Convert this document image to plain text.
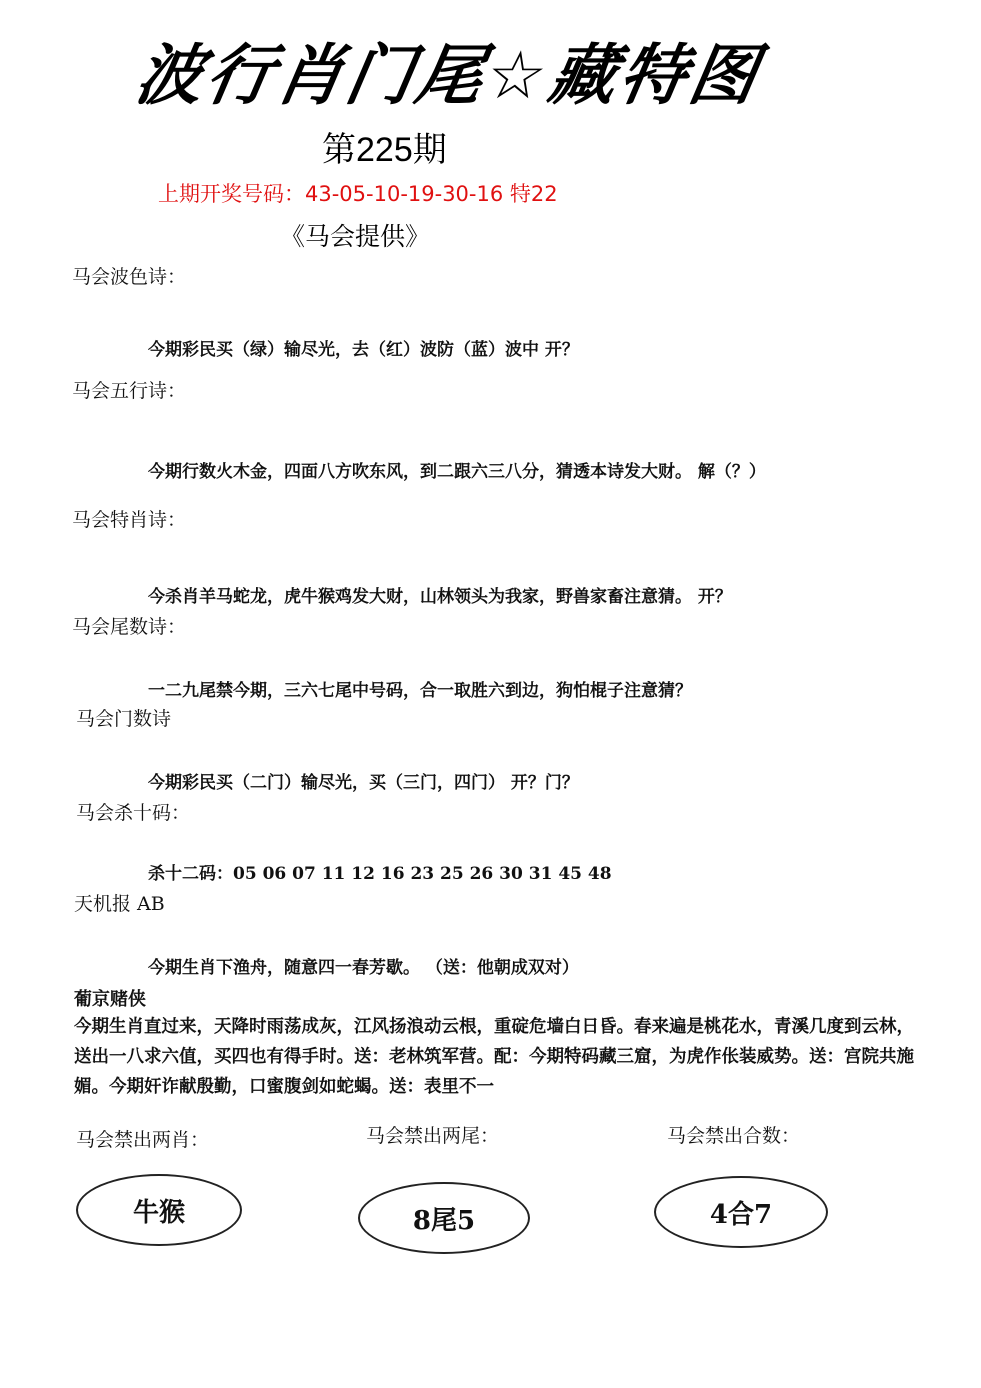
波行肖门尾☆藏特图
第225期
上期开奖号码：43-05-10-19-30-16 特22
《马会提供》
马会波色诗：
今期彩民买（绿）输尽光，去（红）波防（蓝）波中 开？
马会五行诗：
今期行数火木金，四面八方吹东风，到二跟六三八分，猜透本诗发大财。 解（？）
马会特肖诗：
今杀肖羊马蛇龙，虎牛猴鸡发大财，山林领头为我家，野兽家畜注意猜。 开？
马会尾数诗：
一二九尾禁今期，三六七尾中号码，合一取胜六到边，狗怕棍子注意猜？
马会门数诗
今期彩民买（二门）输尽光，买（三门，四门） 开？门？
马会杀十码：
杀十二码：05 06 07 11 12 16 23 25 26 30 31 45 48
天机报 AB
今期生肖下渔舟，随意四一春芳歇。 （送：他朝成双对）
葡京赌侠
今期生肖直过来，天降时雨荡成灰，江风扬浪动云根，重碇危墙白日昏。春来遍是桃花水，青溪几度到云林，送出一八求六值，买四也有得手时。送：老林筑军营。配：今期特码藏三窟，为虎作伥装威势。送：宫院共施媚。今期奸诈献殷勤，口蜜腹剑如蛇蝎。送：表里不一
马会禁出两肖：	马会禁出两尾：	马会禁出合数：
牛猴	8尾5	4合7
